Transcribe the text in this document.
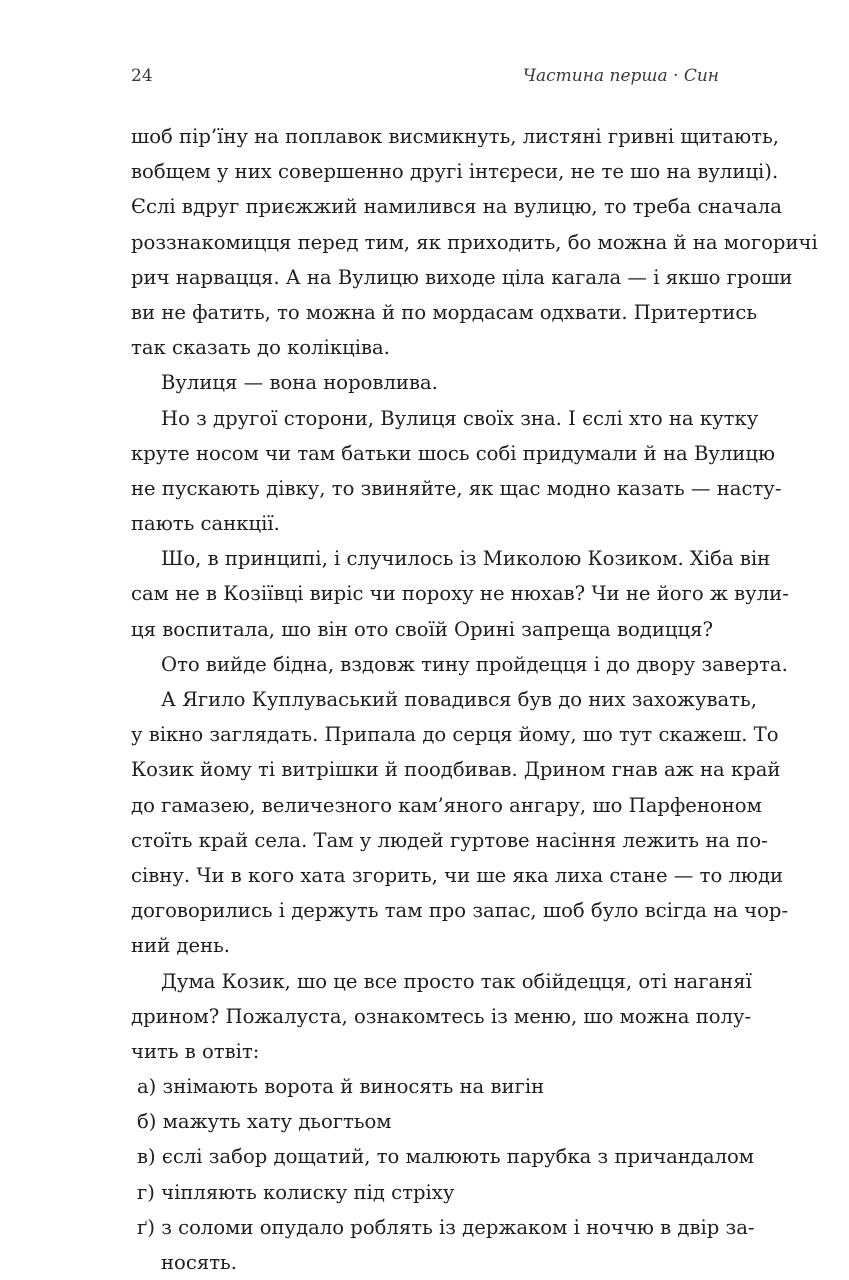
24	Частина перша · Син
шоб пір’їну на поплавок висмикнуть, листяні гривні щитають,
вобщем у них совершенно другі інтєреси, не те шо на вулиці).
Єслі вдруг приєжжий намилився на вулицю, то треба сначала
роззнакомицця перед тим, як приходить, бо можна й на могоричі
рич нарвацця. А на Вулицю виходе ціла кагала — і якшо гроши
ви не фатить, то можна й по мордасам одхвати. Притертись
так сказать до колікціва.
Вулиця — вона норовлива.
Но з другої сторони, Вулиця своїх зна. І єслі хто на кутку
круте носом чи там батьки шось собі придумали й на Вулицю
не пускають дівку, то звиняйте, як щас модно казать — насту-
пають санкції.
Шо, в принципі, і случилось із Миколою Козиком. Хіба він
сам не в Козіївці виріс чи пороху не нюхав? Чи не його ж вули-
ця воспитала, шо він ото своїй Орині запреща водицця?
Ото вийде бідна, вздовж тину пройдецця і до двору заверта.
А Ягило Куплуваський повадився був до них захожувать,
у вікно заглядать. Припала до серця йому, шо тут скажеш. То
Козик йому ті витрішки й поодбивав. Дрином гнав аж на край
до гамазею, величезного кам’яного ангару, шо Парфеноном
стоїть край села. Там у людей гуртове насіння лежить на по-
сівну. Чи в кого хата згорить, чи ше яка лиха стане — то люди
договорились і держуть там про запас, шоб було всігда на чор-
ний день.
Дума Козик, шо це все просто так обійдецця, оті наганяї
дрином? Пожалуста, ознакомтесь із меню, шо можна полу-
чить в отвіт:
а) знімають ворота й виносять на вигін
б) мажуть хату дьогтьом
в) єслі забор дощатий, то малюють парубка з причандалом
г) чіпляють колиску під стріху
ґ) з соломи опудало роблять із держаком і ноччю в двір за-
носять.
